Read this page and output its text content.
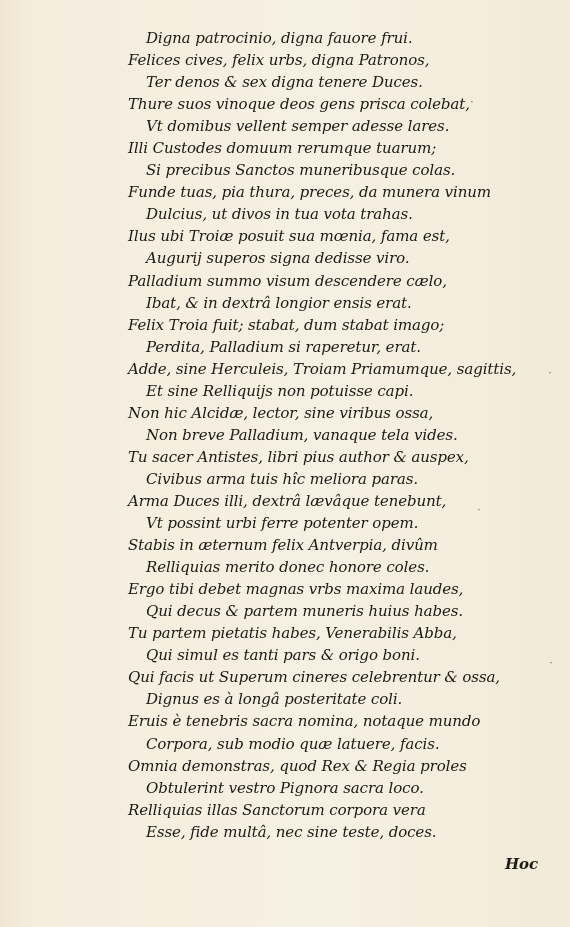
Digna patrocinio, digna fauore frui.
Felices cives, felix urbs, digna Patronos,
Ter denos & sex digna tenere Duces.
Thure suos vinoque deos gens prisca colebat,
Vt domibus vellent semper adesse lares.
Illi Custodes domuum rerumque tuarum;
Si precibus Sanctos muneribusque colas.
Funde tuas, pia thura, preces, da munera vinum
Dulcius, ut divos in tua vota trahas.
Ilus ubi Troiæ posuit sua mœnia, fama est,
Augurij superos signa dedisse viro.
Palladium summo visum descendere cælo,
Ibat, & in dextrâ longior ensis erat.
Felix Troia fuit; stabat, dum stabat imago;
Perdita, Palladium si raperetur, erat.
Adde, sine Herculeis, Troiam Priamumque, sagittis,
Et sine Relliquijs non potuisse capi.
Non hic Alcidæ, lector, sine viribus ossa,
Non breve Palladium, vanaque tela vides.
Tu sacer Antistes, libri pius author & auspex,
Civibus arma tuis hîc meliora paras.
Arma Duces illi, dextrâ lævâque tenebunt,
Vt possint urbi ferre potenter opem.
Stabis in æternum felix Antverpia, divûm
Relliquias merito donec honore coles.
Ergo tibi debet magnas vrbs maxima laudes,
Qui decus & partem muneris huius habes.
Tu partem pietatis habes, Venerabilis Abba,
Qui simul es tanti pars & origo boni.
Qui facis ut Superum cineres celebrentur & ossa,
Dignus es à longâ posteritate coli.
Eruis è tenebris sacra nomina, notaque mundo
Corpora, sub modio quæ latuere, facis.
Omnia demonstras, quod Rex & Regia proles
Obtulerint vestro Pignora sacra loco.
Relliquias illas Sanctorum corpora vera
Esse, fide multâ, nec sine teste, doces.
·
·
·
·
Hoc
